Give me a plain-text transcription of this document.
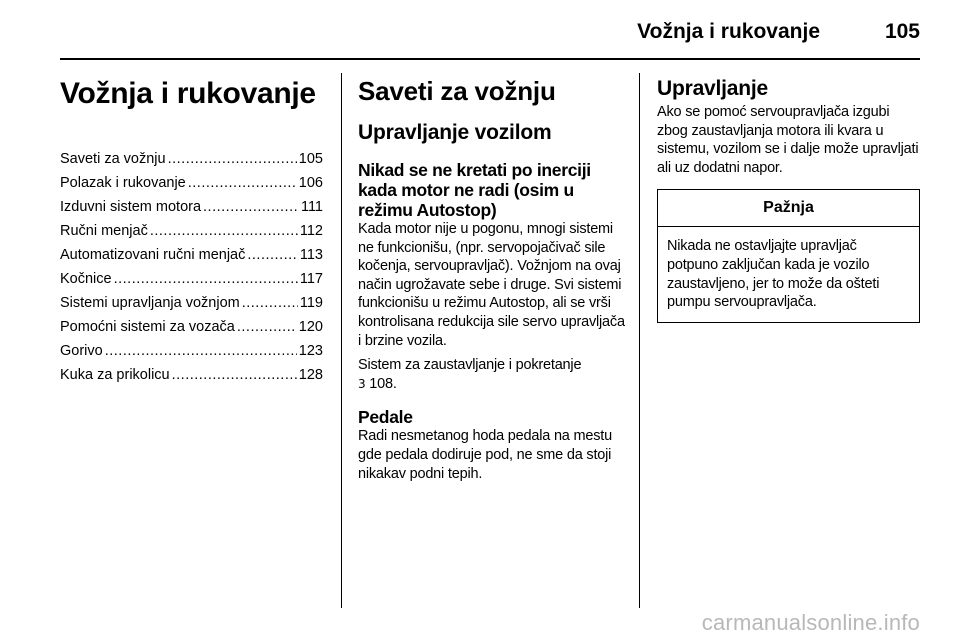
Vožnja i rukovanje	105
Vožnja i rukovanje
Saveti za vožnju .....	105
Polazak i rukovanje .....	106
Izduvni sistem motora .....	111
Ručni menjač .....	112
Automatizovani ručni menjač .....	113
Kočnice .....	117
Sistemi upravljanja vožnjom .....	119
Pomoćni sistemi za vozača .....	120
Gorivo .....	123
Kuka za prikolicu .....	128
Saveti za vožnju
Upravljanje vozilom
Nikad se ne kretati po inerciji kada motor ne radi (osim u režimu Autostop)

Kada motor nije u pogonu, mnogi sistemi ne funkcionišu, (npr. servopojačivač sile kočenja, servoupravljač). Vožnjom na ovaj način ugrožavate sebe i druge. Svi sistemi funkcionišu u režimu Autostop, ali se vrši kontrolisana redukcija sile servo upravljača i brzine vozila.

Sistem za zaustavljanje i pokretanje
3 108.

Pedale

Radi nesmetanog hoda pedala na mestu gde pedala dodiruje pod, ne sme da stoji nikakav podni tepih.

Upravljanje

Ako se pomoć servoupravljača izgubi zbog zaustavljanja motora ili kvara u sistemu, vozilom se i dalje može upravljati ali uz dodatni napor.

Pažnja
Nikada ne ostavljajte upravljač potpuno zaključan kada je vozilo zaustavljeno, jer to može da ošteti pumpu servoupravljača.
carmanualsonline.info
